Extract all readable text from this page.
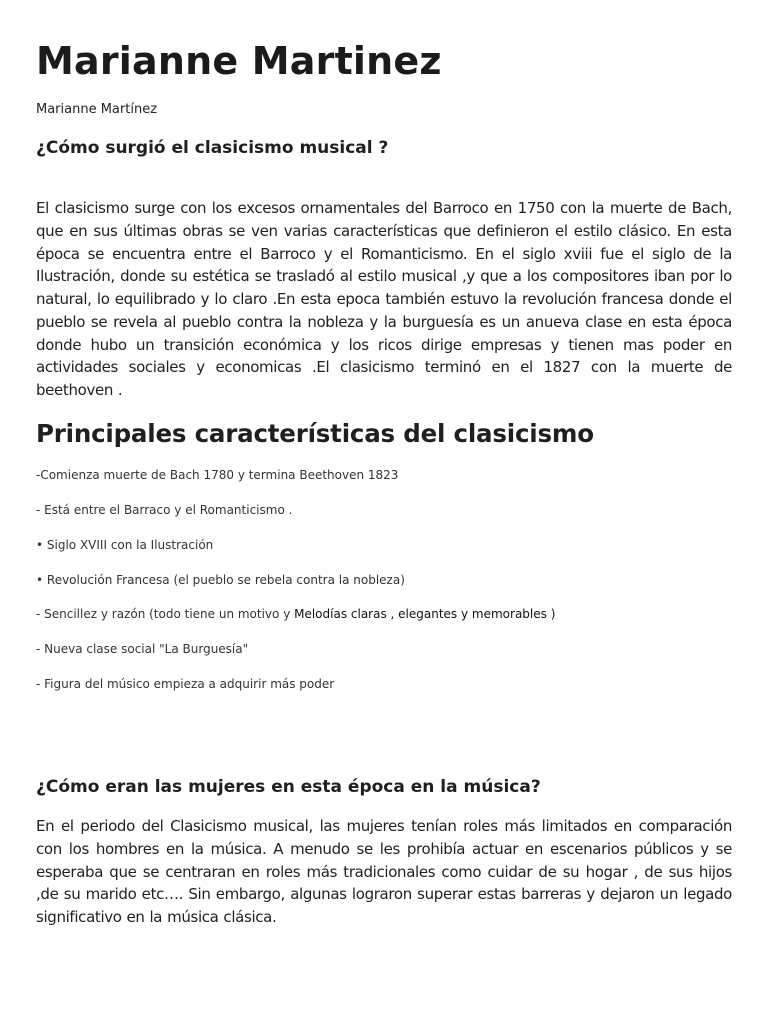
Marianne Martinez

Marianne Martínez

¿Cómo surgió el clasicismo musical ?

El clasicismo surge con los excesos ornamentales del Barroco en 1750 con la muerte de Bach, que en sus últimas obras se ven varias características que definieron el estilo clásico. En esta época se encuentra entre el Barroco y el Romanticismo. En el siglo xviii fue el siglo de la Ilustración, donde su estética se trasladó al estilo musical ,y que a los compositores iban por lo natural, lo equilibrado y lo claro .En esta epoca también estuvo la revolución francesa donde el pueblo se revela al pueblo contra la nobleza y la burguesía es un anueva clase en esta época donde hubo un transición económica y los ricos dirige empresas y tienen mas poder en actividades sociales y economicas .El clasicismo terminó en el 1827 con la muerte de beethoven .

Principales características del clasicismo
-Comienza muerte de Bach 1780 y termina Beethoven 1823
- Está entre el Barraco y el Romanticismo .
• Siglo XVIII con la Ilustración
• Revolución Francesa (el pueblo se rebela contra la nobleza)
- Sencillez y razón (todo tiene un motivo y Melodías claras , elegantes y memorables )
- Nueva clase social "La Burguesía"
- Figura del músico empieza a adquirir más poder
¿Cómo eran las mujeres en esta época en la música?

En el periodo del Clasicismo musical, las mujeres tenían roles más limitados en comparación con los hombres en la música. A menudo se les prohibía actuar en escenarios públicos y se esperaba que se centraran en roles más tradicionales como cuidar de su hogar , de sus hijos ,de su marido etc…. Sin embargo, algunas lograron superar estas barreras y dejaron un legado significativo en la música clásica.
